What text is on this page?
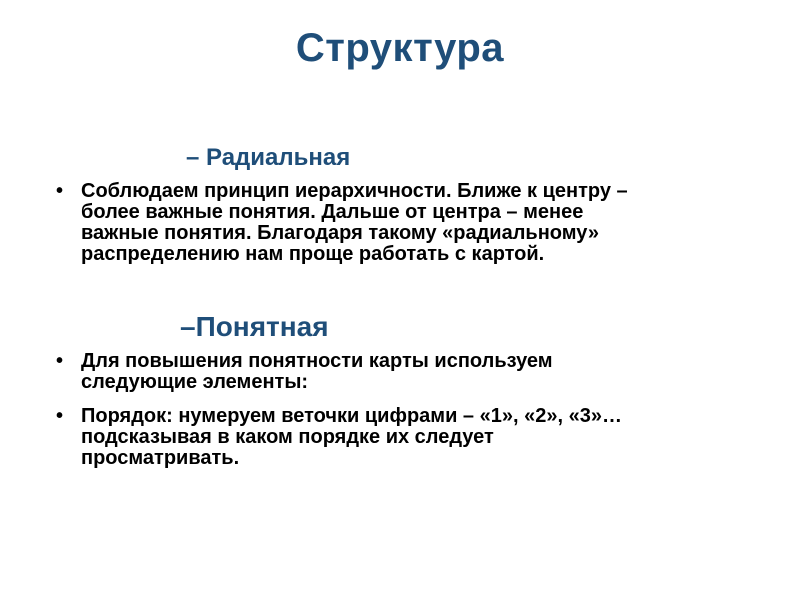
Структура
– Радиальная
• Соблюдаем принцип иерархичности. Ближе к центру –
более важные понятия. Дальше от центра – менее
важные понятия. Благодаря такому «радиальному»
распределению нам проще работать с картой.
–Понятная
• Для повышения понятности карты используем
следующие элементы:
• Порядок: нумеруем веточки цифрами – «1», «2», «3»…
подсказывая в каком порядке их следует
просматривать.
